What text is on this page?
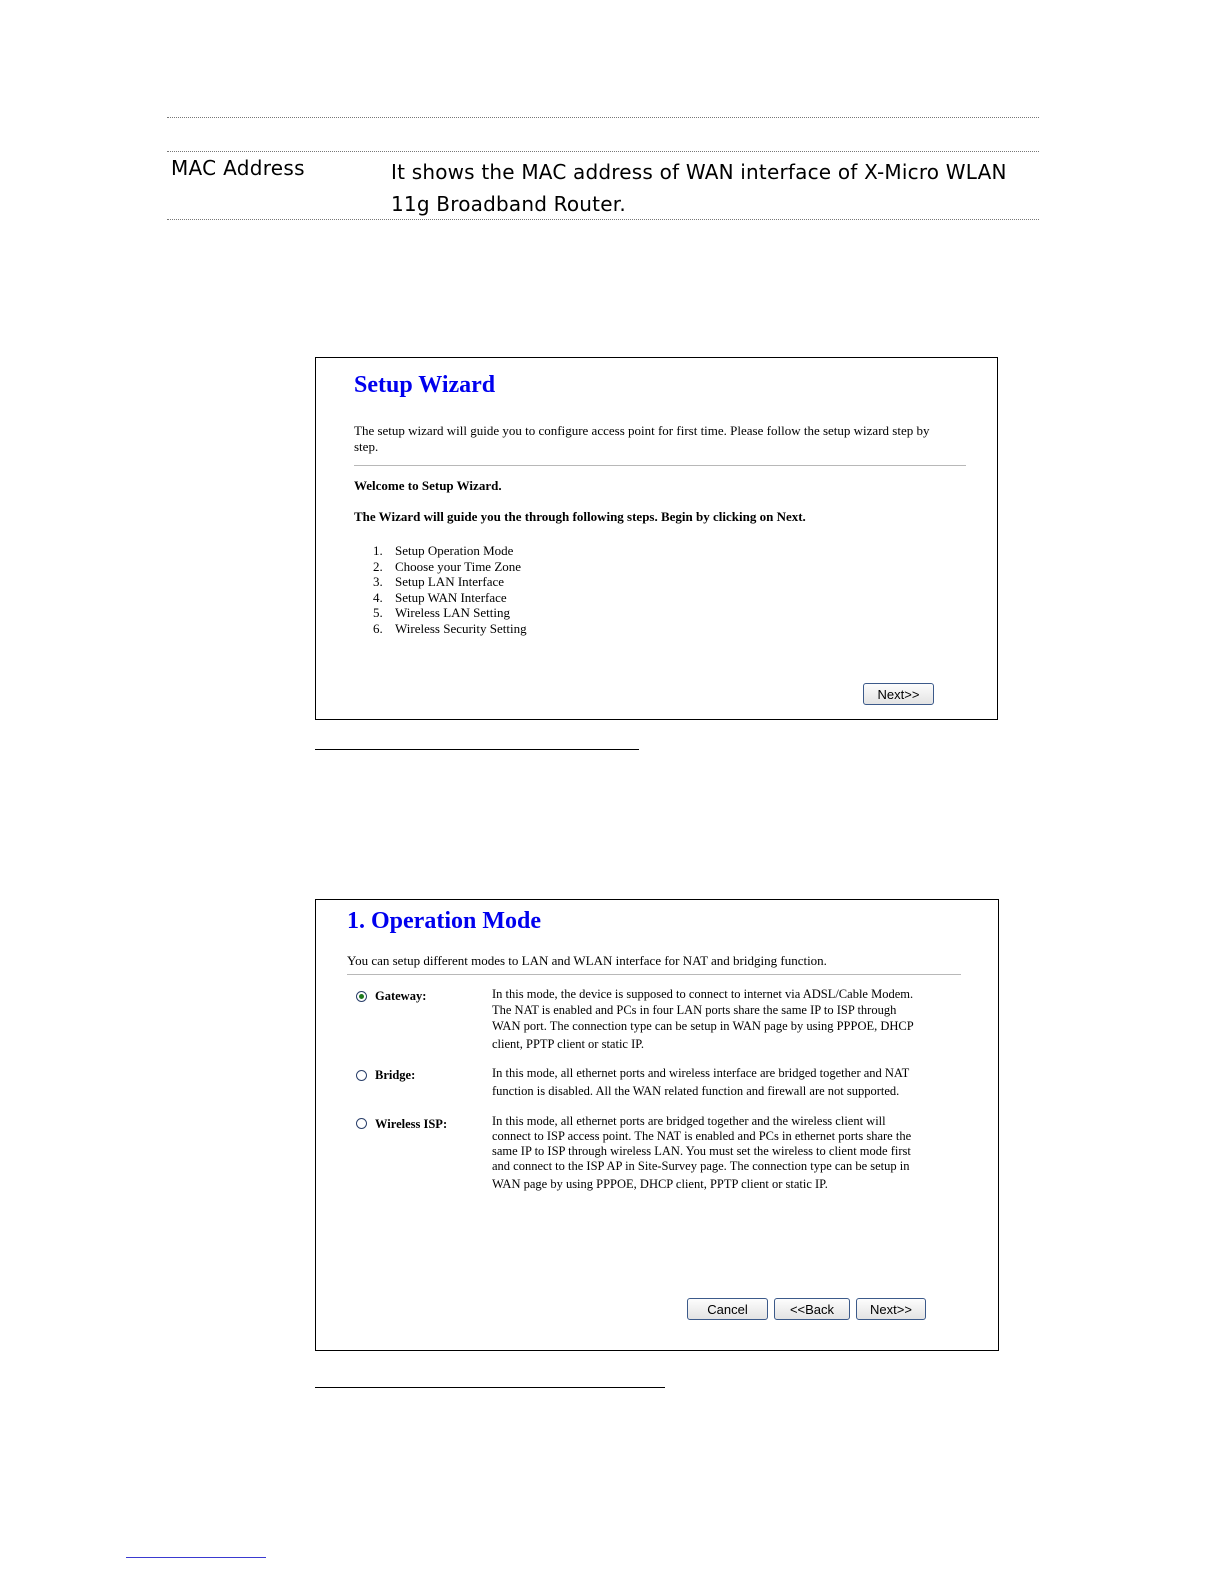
MAC Address	It shows the MAC address of WAN interface of X-Micro WLAN
11g Broadband Router.
Setup Wizard
The setup wizard will guide you to configure access point for first time. Please follow the setup wizard step by
step.
Welcome to Setup Wizard.
The Wizard will guide you the through following steps. Begin by clicking on Next.
1. Setup Operation Mode
2. Choose your Time Zone
3. Setup LAN Interface
4. Setup WAN Interface
5. Wireless LAN Setting
6. Wireless Security Setting
Next>>
1. Operation Mode
You can setup different modes to LAN and WLAN interface for NAT and bridging function.
Gateway:	In this mode, the device is supposed to connect to internet via ADSL/Cable Modem.
The NAT is enabled and PCs in four LAN ports share the same IP to ISP through
WAN port. The connection type can be setup in WAN page by using PPPOE, DHCP
client, PPTP client or static IP.
Bridge:	In this mode, all ethernet ports and wireless interface are bridged together and NAT
function is disabled. All the WAN related function and firewall are not supported.
Wireless ISP:	In this mode, all ethernet ports are bridged together and the wireless client will
connect to ISP access point. The NAT is enabled and PCs in ethernet ports share the
same IP to ISP through wireless LAN. You must set the wireless to client mode first
and connect to the ISP AP in Site-Survey page. The connection type can be setup in
WAN page by using PPPOE, DHCP client, PPTP client or static IP.
Cancel	<<Back	Next>>
